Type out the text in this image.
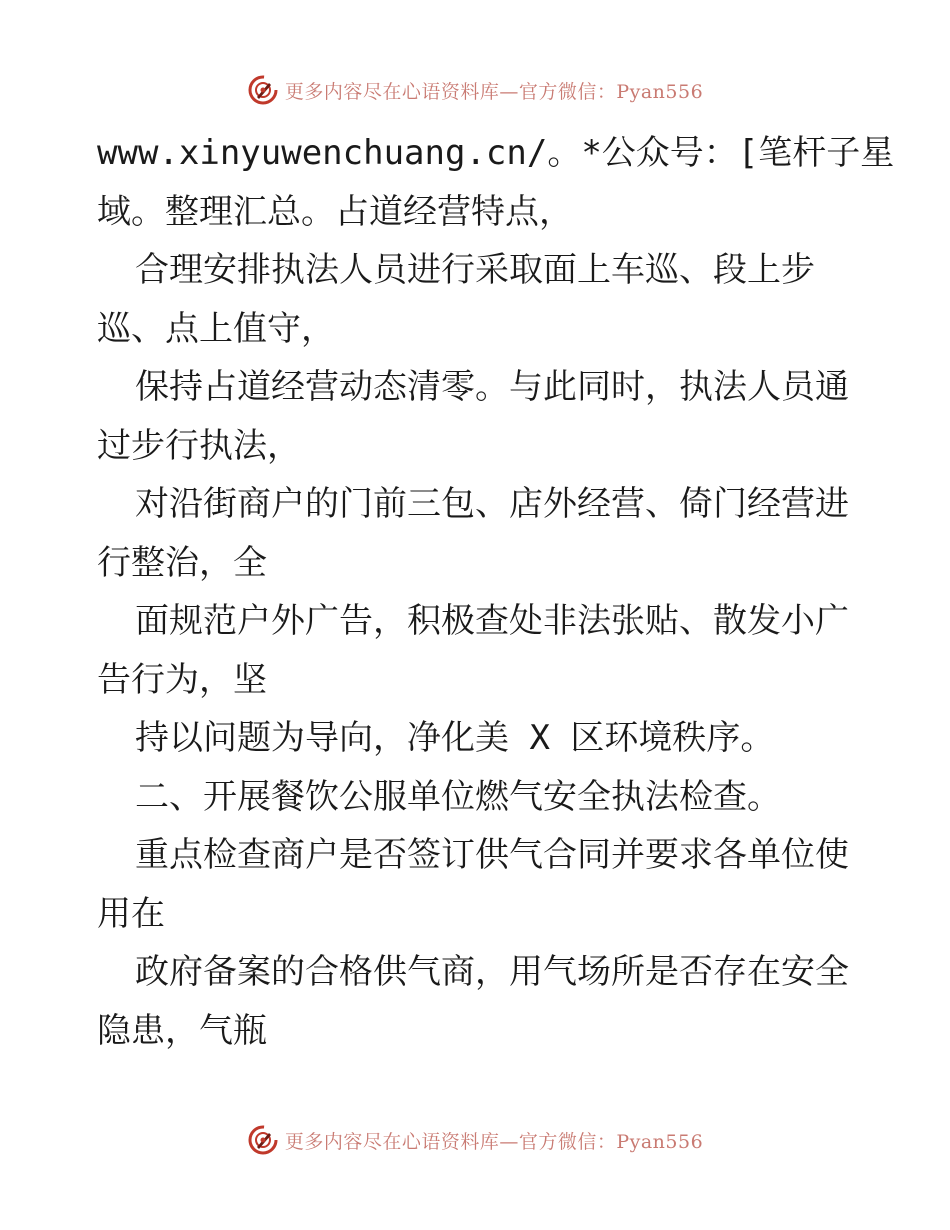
更多内容尽在心语资料库—官方微信：Pyan556
www.xinyuwenchuang.cn/。*公众号：[笔杆子星
域。整理汇总。占道经营特点，
合理安排执法人员进行采取面上车巡、段上步
巡、点上值守，
保持占道经营动态清零。与此同时，执法人员通
过步行执法，
对沿街商户的门前三包、店外经营、倚门经营进
行整治，全
面规范户外广告，积极查处非法张贴、散发小广
告行为，坚
持以问题为导向，净化美 X 区环境秩序。
二、开展餐饮公服单位燃气安全执法检查。
重点检查商户是否签订供气合同并要求各单位使
用在
政府备案的合格供气商，用气场所是否存在安全
隐患，气瓶
更多内容尽在心语资料库—官方微信：Pyan556
